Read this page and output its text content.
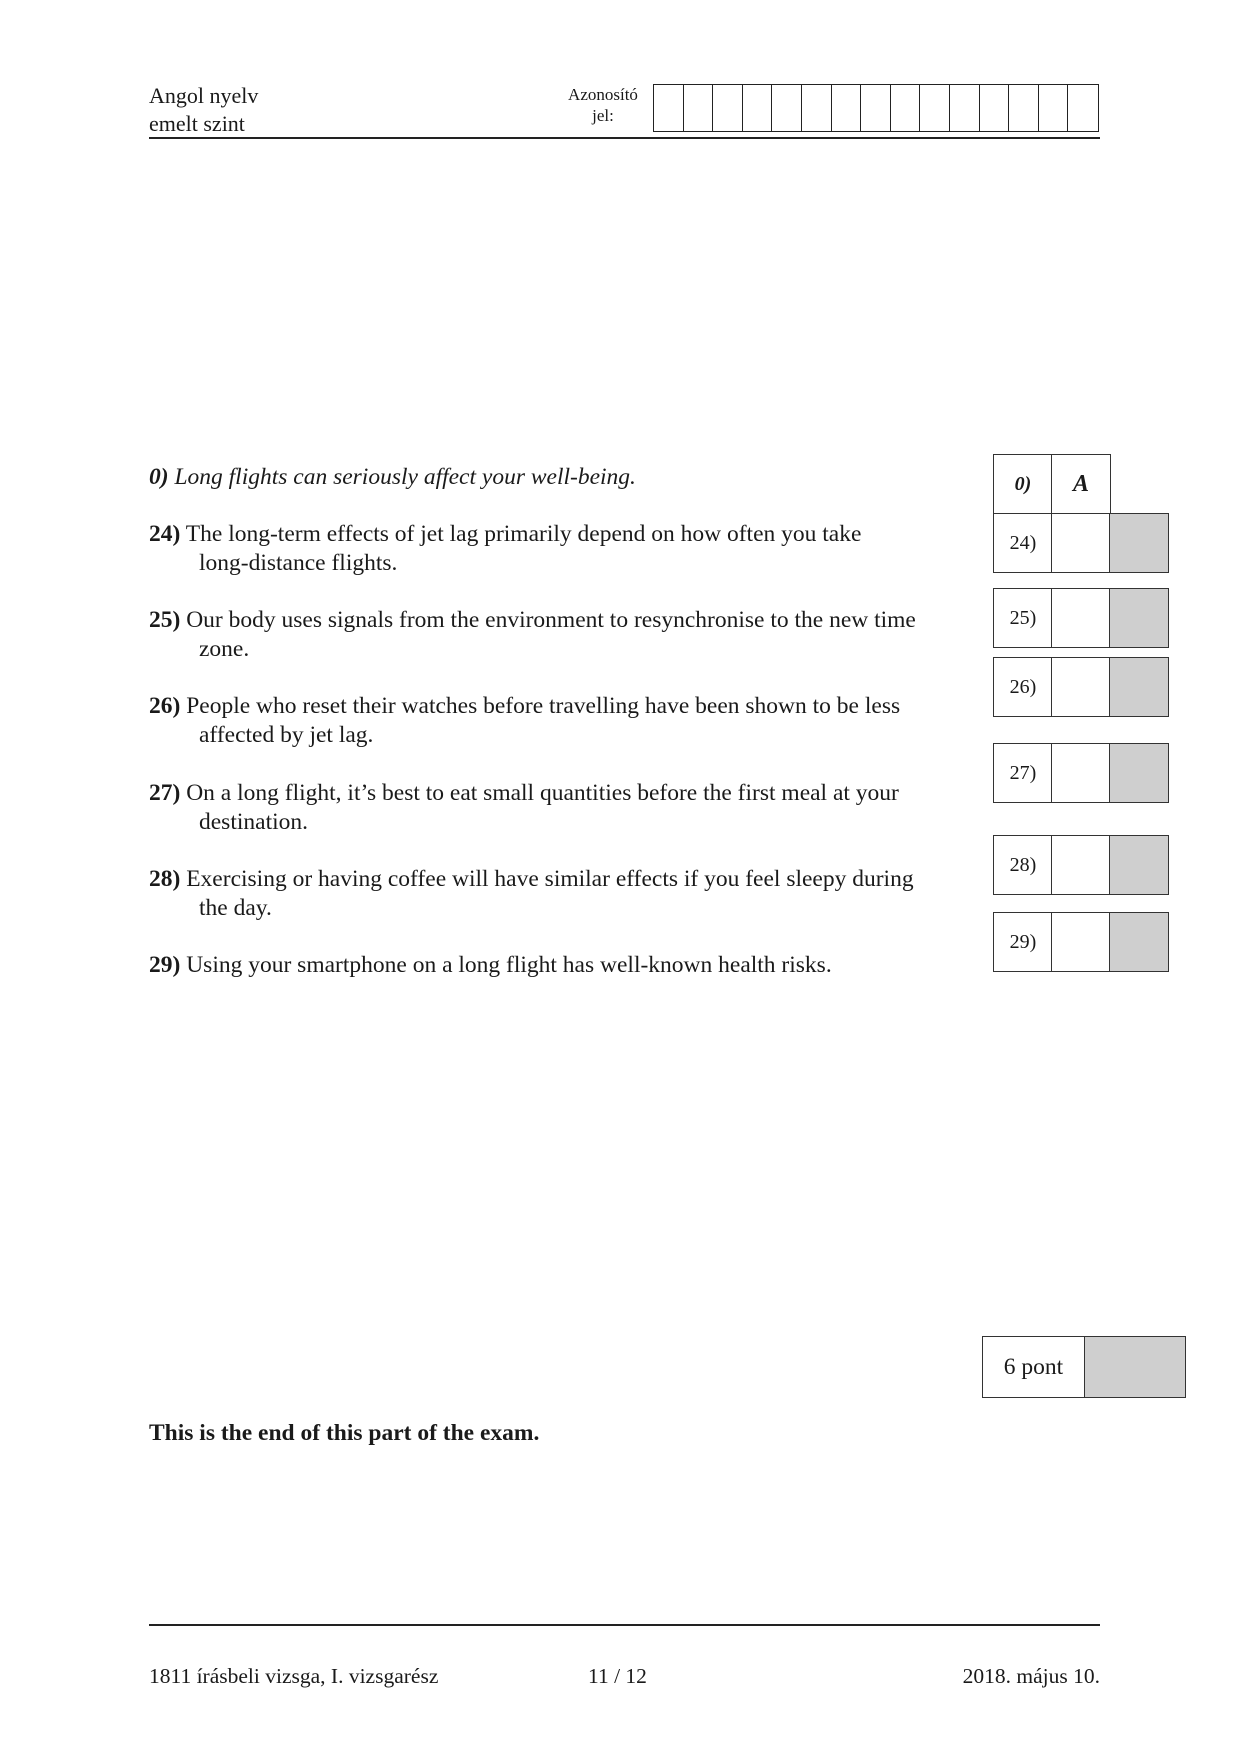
Angol nyelv
emelt szint
Azonosító
jel:
0) Long flights can seriously affect your well-being.
24) The long-term effects of jet lag primarily depend on how often you take
long-distance flights.
25) Our body uses signals from the environment to resynchronise to the new time
zone.
26) People who reset their watches before travelling have been shown to be less
affected by jet lag.
27) On a long flight, it’s best to eat small quantities before the first meal at your
destination.
28) Exercising or having coffee will have similar effects if you feel sleepy during
the day.
29) Using your smartphone on a long flight has well-known health risks.
0)	A
24)
25)
26)
27)
28)
29)
6 pont
This is the end of this part of the exam.
1811 írásbeli vizsga, I. vizsgarész	11 / 12	2018. május 10.
